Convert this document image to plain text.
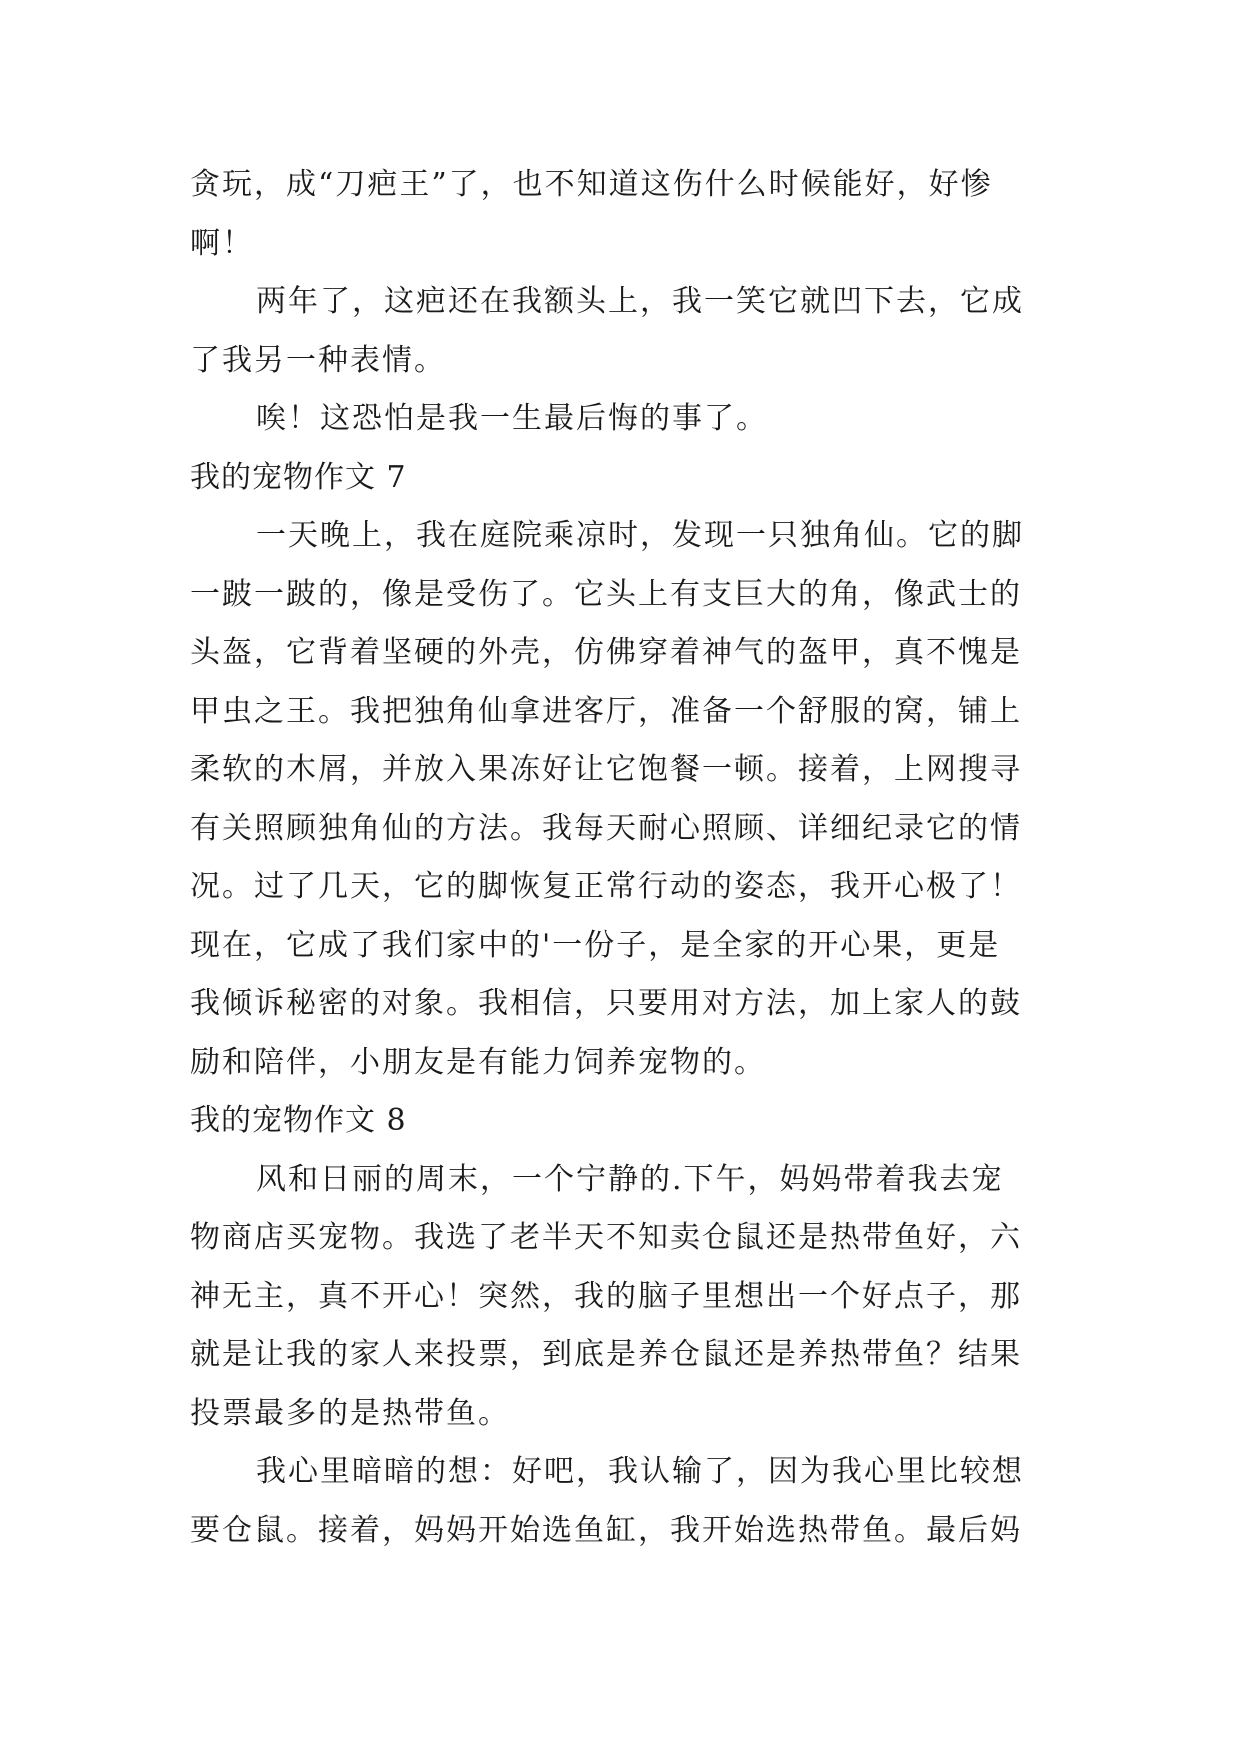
贪玩，成“刀疤王”了，也不知道这伤什么时候能好，好惨
啊！
两年了，这疤还在我额头上，我一笑它就凹下去，它成
了我另一种表情。
唉！这恐怕是我一生最后悔的事了。
我的宠物作文 7
一天晚上，我在庭院乘凉时，发现一只独角仙。它的脚
一跛一跛的，像是受伤了。它头上有支巨大的角，像武士的
头盔，它背着坚硬的外壳，仿佛穿着神气的盔甲，真不愧是
甲虫之王。我把独角仙拿进客厅，准备一个舒服的窝，铺上
柔软的木屑，并放入果冻好让它饱餐一顿。接着，上网搜寻
有关照顾独角仙的方法。我每天耐心照顾、详细纪录它的情
况。过了几天，它的脚恢复正常行动的姿态，我开心极了！
现在，它成了我们家中的'一份子，是全家的开心果，更是
我倾诉秘密的对象。我相信，只要用对方法，加上家人的鼓
励和陪伴，小朋友是有能力饲养宠物的。
我的宠物作文 8
风和日丽的周末，一个宁静的.下午，妈妈带着我去宠
物商店买宠物。我选了老半天不知卖仓鼠还是热带鱼好，六
神无主，真不开心！突然，我的脑子里想出一个好点子，那
就是让我的家人来投票，到底是养仓鼠还是养热带鱼？结果
投票最多的是热带鱼。
我心里暗暗的想：好吧，我认输了，因为我心里比较想
要仓鼠。接着，妈妈开始选鱼缸，我开始选热带鱼。最后妈
